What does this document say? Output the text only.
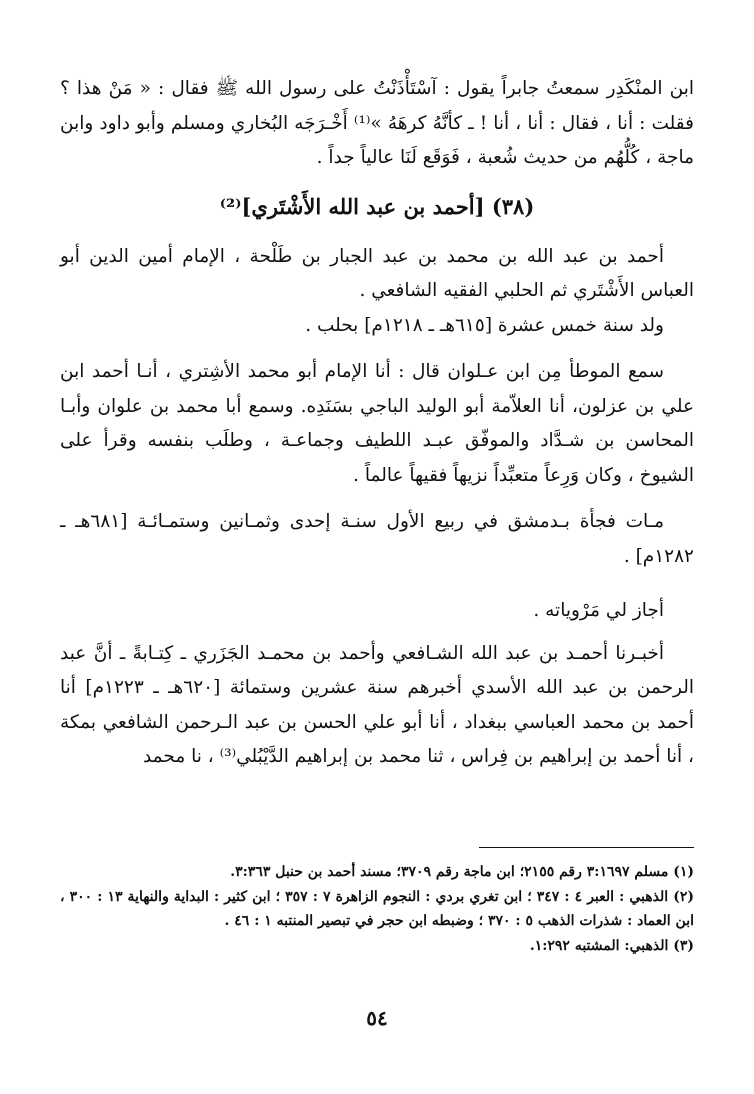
ابن المنْكَدِر سمعتُ جابراً يقول : آسْتَأْذَنْتُ على رسول الله ﷺ فقال : « مَنْ هذا ؟ فقلت : أنا ، فقال : أنا ، أنا ! ـ كأنَّهُ كرهَهُ »⁽¹⁾ أَخْـرَجَه البُخاري ومسلم وأبو داود وابن ماجة ، كُلُّهُم من حديث شُعبة ، فَوَقَع لَنَا عالياً جداً .

(٣٨) [أحمد بن عبد الله الأَشْتَري]⁽²⁾

أحمد بن عبد الله بن محمد بن عبد الجبار بن طَلْحة ، الإمام أمين الدين أبو العباس الأَشْتَري ثم الحلبي الفقيه الشافعي .

ولد سنة خمس عشرة [٦١٥هـ ـ ١٢١٨م] بحلب .

سمع الموطأ مِن ابن عـلوان قال : أنا الإمام أبو محمد الأشِتري ، أنـا أحمد ابن علي بن عزلون، أنا العلاّمة أبو الوليد الباجي بسَنَدِه. وسمع أبا محمد بن علوان وأبـا المحاسن بن شـدَّاد والموفّق عبـد اللطيف وجماعـة ، وطلَب بنفسه وقرأ على الشيوخ ، وكان وَرِعاً متعبِّداً نزيهاً فقيهاً عالماً .

مـات فجأة بـدمشق في ربيع الأول سنـة إحدى وثمـانين وستمـائـة [٦٨١هـ ـ ١٢٨٢م] .

أجاز لي مَرْوياته .

أخبـرنا أحمـد بن عبد الله الشـافعي وأحمد بن محمـد الجَزَري ـ كِتـابةً ـ أنَّ عبد الرحمن بن عبد الله الأسدي أخبرهم سنة عشرين وستمائة [٦٢٠هـ ـ ١٢٢٣م] أنا أحمد بن محمد العباسي ببغداد ، أنا أبو علي الحسن بن عبد الـرحمن الشافعي بمكة ، أنا أحمد بن إبراهيم بن فِراس ، ثنا محمد بن إبراهيم الدَّيْبُلي⁽³⁾ ، نا محمد

(١) مسلم ٣:١٦٩٧ رقم ٢١٥٥؛ ابن ماجة رقم ٣٧٠٩؛ مسند أحمد بن حنبل ٣:٣٦٣.

(٢) الذهبي : العبر ٤ : ٣٤٧ ؛ ابن تغري بردي : النجوم الزاهرة ٧ : ٣٥٧ ؛ ابن كثير : البداية والنهاية ١٣ : ٣٠٠ ، ابن العماد : شذرات الذهب ٥ : ٣٧٠ ؛ وضبطه ابن حجر في تبصير المنتبه ١ : ٤٦ .

(٣) الذهبي: المشتبه ١:٢٩٢.

٥٤
